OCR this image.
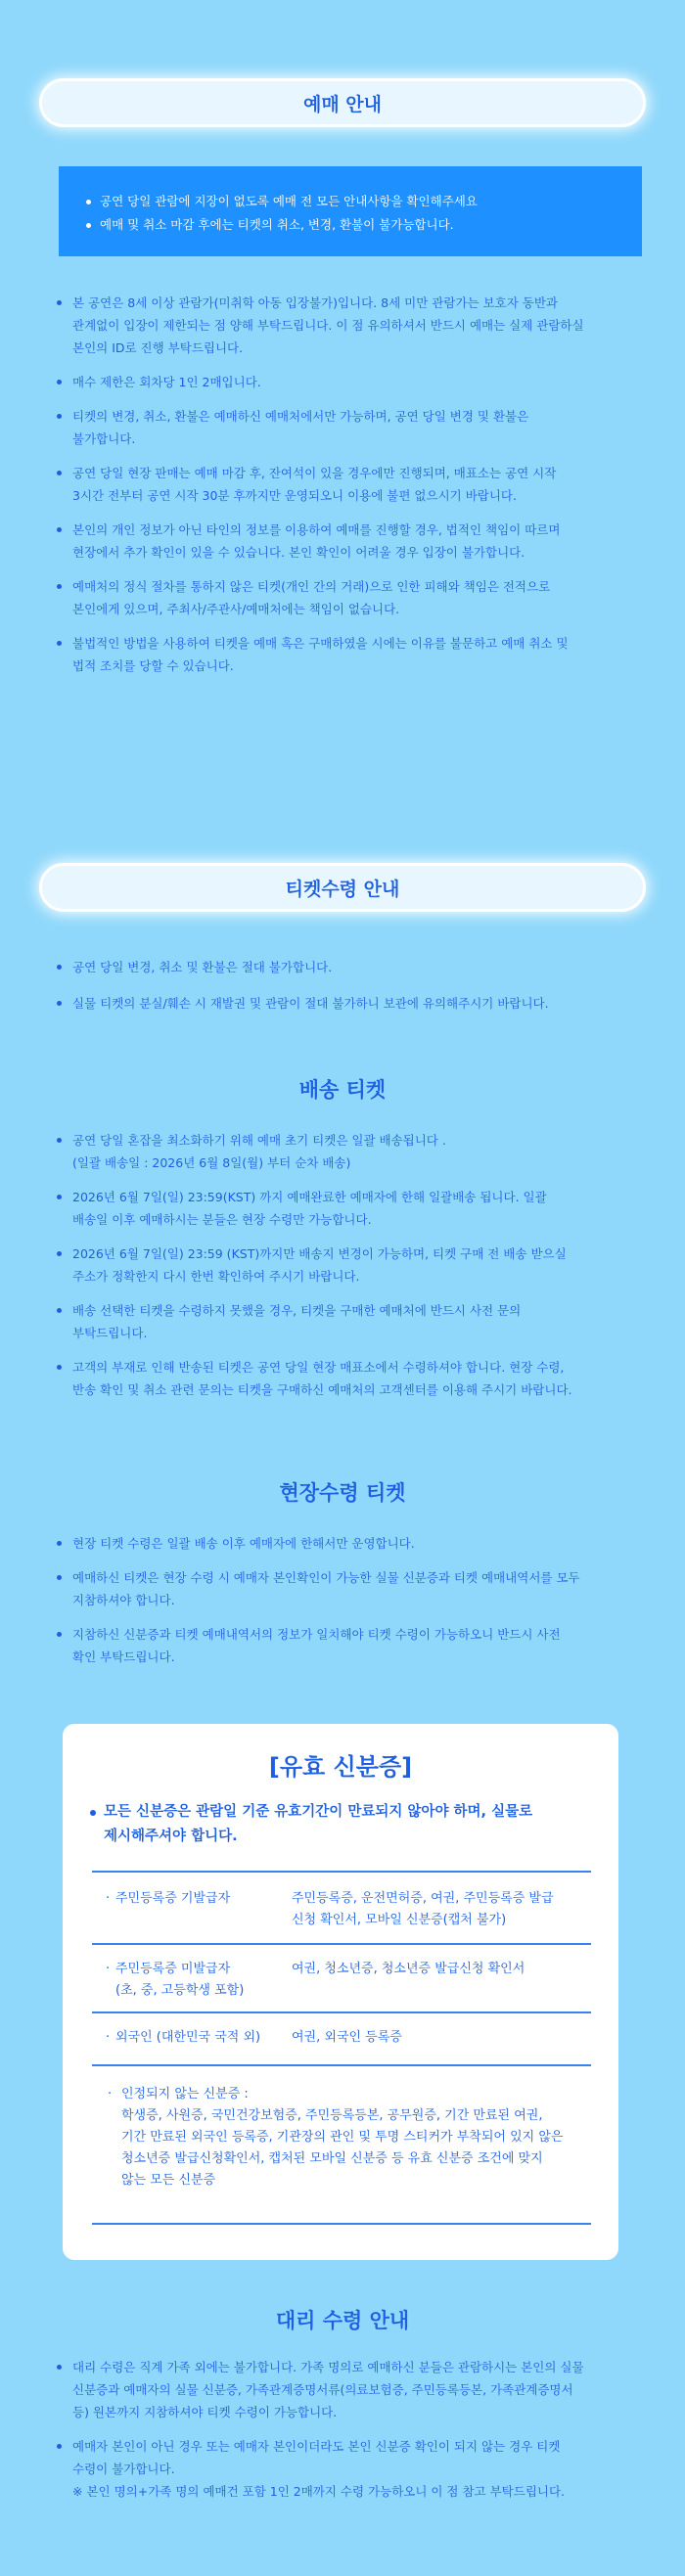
예매 안내
공연 당일 관람에 지장이 없도록 예매 전 모든 안내사항을 확인해주세요
예매 및 취소 마감 후에는 티켓의 취소, 변경, 환불이 불가능합니다.
본 공연은 8세 이상 관람가(미취학 아동 입장불가)입니다. 8세 미만 관람가는 보호자 동반과
관계없이 입장이 제한되는 점 양해 부탁드립니다. 이 점 유의하셔서 반드시 예매는 실제 관람하실
본인의 ID로 진행 부탁드립니다.
매수 제한은 회차당 1인 2매입니다.
티켓의 변경, 취소, 환불은 예매하신 예매처에서만 가능하며, 공연 당일 변경 및 환불은
불가합니다.
공연 당일 현장 판매는 예매 마감 후, 잔여석이 있을 경우에만 진행되며, 매표소는 공연 시작
3시간 전부터 공연 시작 30분 후까지만 운영되오니 이용에 불편 없으시기 바랍니다.
본인의 개인 정보가 아닌 타인의 정보를 이용하여 예매를 진행할 경우, 법적인 책임이 따르며
현장에서 추가 확인이 있을 수 있습니다. 본인 확인이 어려울 경우 입장이 불가합니다.
예매처의 정식 절차를 통하지 않은 티켓(개인 간의 거래)으로 인한 피해와 책임은 전적으로
본인에게 있으며, 주최사/주관사/예매처에는 책임이 없습니다.
불법적인 방법을 사용하여 티켓을 예매 혹은 구매하였을 시에는 이유를 불문하고 예매 취소 및
법적 조치를 당할 수 있습니다.
티켓수령 안내
공연 당일 변경, 취소 및 환불은 절대 불가합니다.
실물 티켓의 분실/훼손 시 재발권 및 관람이 절대 불가하니 보관에 유의해주시기 바랍니다.
배송 티켓
공연 당일 혼잡을 최소화하기 위해 예매 초기 티켓은 일괄 배송됩니다 .
(일괄 배송일 : 2026년 6월 8일(월) 부터 순차 배송)
2026년 6월 7일(일) 23:59(KST) 까지 예매완료한 예매자에 한해 일괄배송 됩니다. 일괄
배송일 이후 예매하시는 분들은 현장 수령만 가능합니다.
2026년 6월 7일(일) 23:59 (KST)까지만 배송지 변경이 가능하며, 티켓 구매 전 배송 받으실
주소가 정확한지 다시 한번 확인하여 주시기 바랍니다.
배송 선택한 티켓을 수령하지 못했을 경우, 티켓을 구매한 예매처에 반드시 사전 문의
부탁드립니다.
고객의 부재로 인해 반송된 티켓은 공연 당일 현장 매표소에서 수령하셔야 합니다. 현장 수령,
반송 확인 및 취소 관련 문의는 티켓을 구매하신 예매처의 고객센터를 이용해 주시기 바랍니다.
현장수령 티켓
현장 티켓 수령은 일괄 배송 이후 예매자에 한해서만 운영합니다.
예매하신 티켓은 현장 수령 시 예매자 본인확인이 가능한 실물 신분증과 티켓 예매내역서를 모두
지참하셔야 합니다.
지참하신 신분증과 티켓 예매내역서의 정보가 일치해야 티켓 수령이 가능하오니 반드시 사전
확인 부탁드립니다.
[유효 신분증]
모든 신분증은 관람일 기준 유효기간이 만료되지 않아야 하며, 실물로
제시해주셔야 합니다.
· 주민등록증 기발급자	주민등록증, 운전면허증, 여권, 주민등록증 발급
신청 확인서, 모바일 신분증(캡처 불가)
· 주민등록증 미발급자
(초, 중, 고등학생 포함)
여권, 청소년증, 청소년증 발급신청 확인서
· 외국인 (대한민국 국적 외)	여권, 외국인 등록증
· 인정되지 않는 신분증 :
학생증, 사원증, 국민건강보험증, 주민등록등본, 공무원증, 기간 만료된 여권,
기간 만료된 외국인 등록증, 기관장의 관인 및 투명 스티커가 부착되어 있지 않은
청소년증 발급신청확인서, 캡처된 모바일 신분증 등 유효 신분증 조건에 맞지
않는 모든 신분증
대리 수령 안내
대리 수령은 직계 가족 외에는 불가합니다. 가족 명의로 예매하신 분들은 관람하시는 본인의 실물
신분증과 예매자의 실물 신분증, 가족관계증명서류(의료보험증, 주민등록등본, 가족관계증명서
등) 원본까지 지참하셔야 티켓 수령이 가능합니다.
예매자 본인이 아닌 경우 또는 예매자 본인이더라도 본인 신분증 확인이 되지 않는 경우 티켓
수령이 불가합니다.
※ 본인 명의+가족 명의 예매건 포함 1인 2매까지 수령 가능하오니 이 점 참고 부탁드립니다.
